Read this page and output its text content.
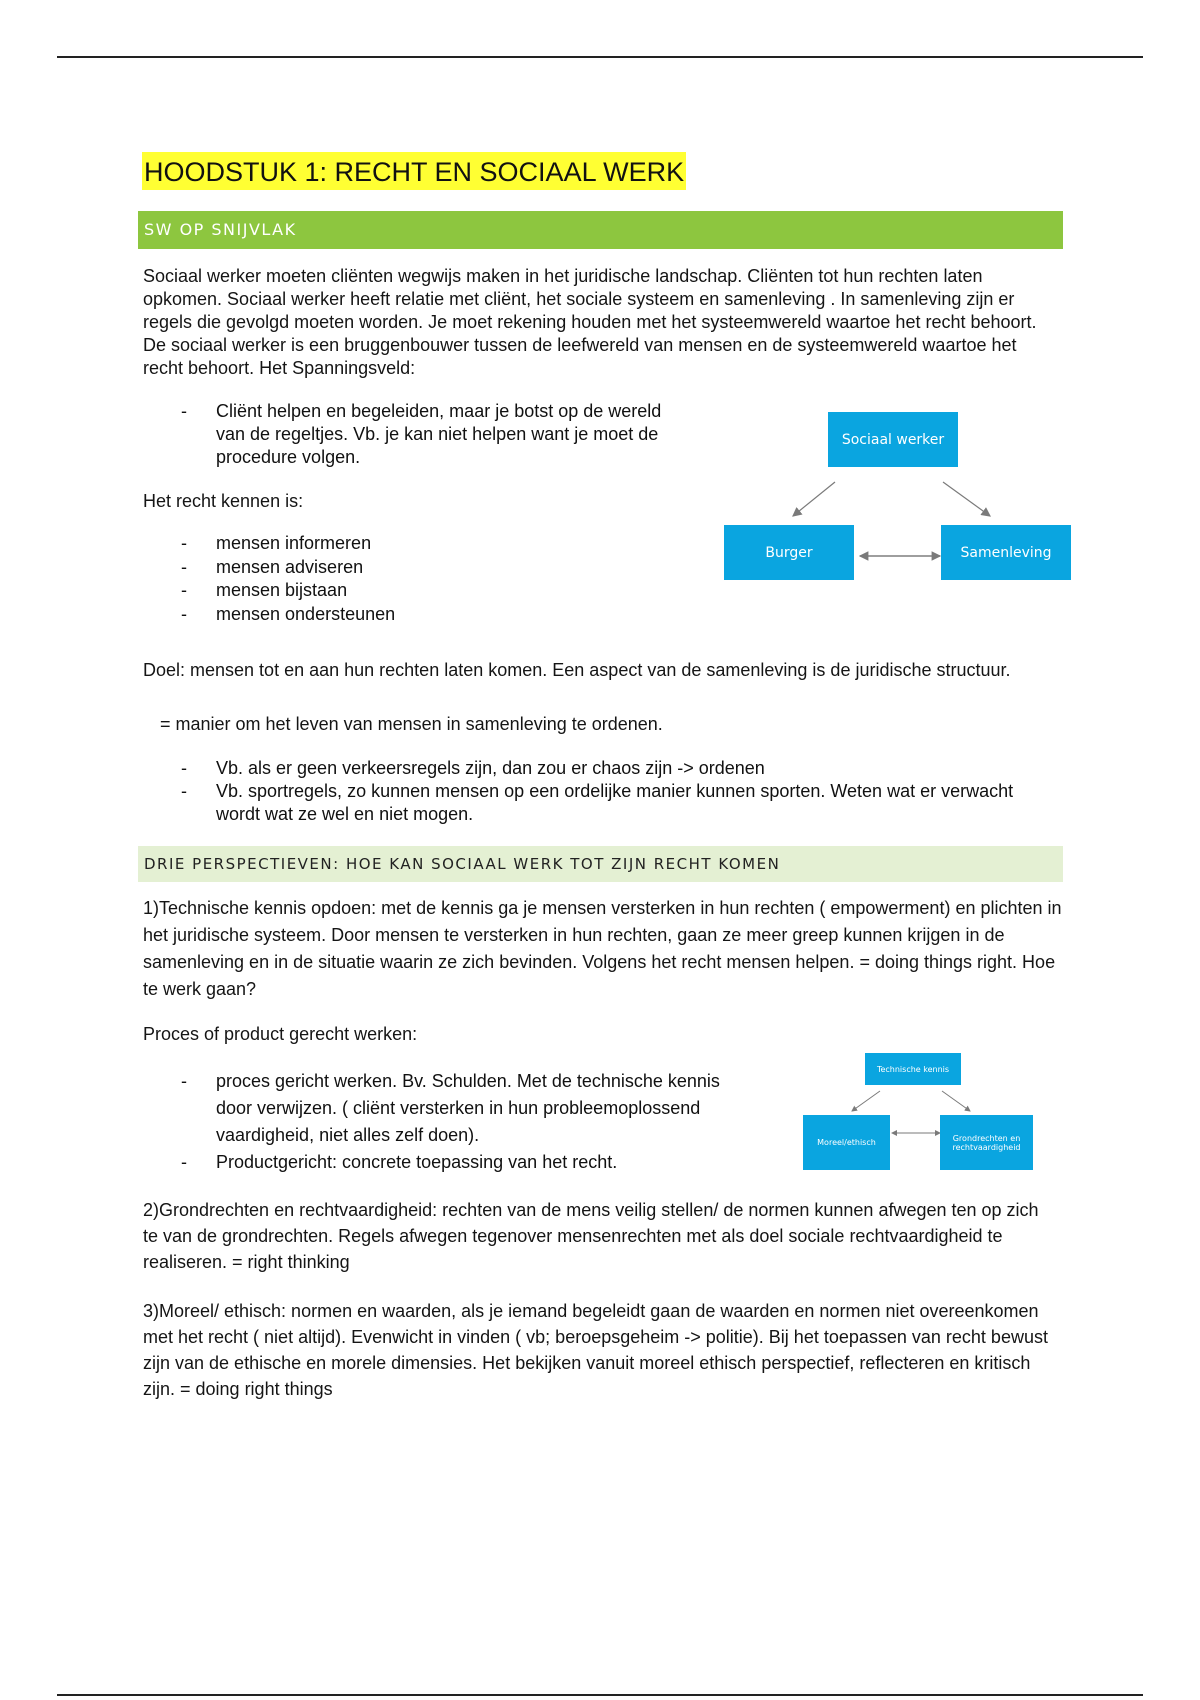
HOODSTUK 1: RECHT EN SOCIAAL WERK
SW OP SNIJVLAK
Sociaal werker moeten cliënten wegwijs maken in het juridische landschap. Cliënten tot hun rechten laten opkomen. Sociaal werker heeft relatie met cliënt, het sociale systeem en samenleving . In samenleving zijn er regels die gevolgd moeten worden. Je moet rekening houden met het systeemwereld waartoe het recht behoort. De sociaal werker is een bruggenbouwer tussen de leefwereld van mensen en de systeemwereld waartoe het recht behoort. Het Spanningsveld:
- Cliënt helpen en begeleiden, maar je botst op de wereld van de regeltjes. Vb. je kan niet helpen want je moet de procedure volgen.
Het recht kennen is:
- mensen informeren
- mensen adviseren
- mensen bijstaan
- mensen ondersteunen
Sociaal werker
Burger	Samenleving
Doel: mensen tot en aan hun rechten laten komen. Een aspect van de samenleving is de juridische structuur.
= manier om het leven van mensen in samenleving te ordenen.
- Vb. als er geen verkeersregels zijn, dan zou er chaos zijn -> ordenen
- Vb. sportregels, zo kunnen mensen op een ordelijke manier kunnen sporten. Weten wat er verwacht wordt wat ze wel en niet mogen.
DRIE PERSPECTIEVEN: HOE KAN SOCIAAL WERK TOT ZIJN RECHT KOMEN
1)Technische kennis opdoen: met de kennis ga je mensen versterken in hun rechten ( empowerment) en plichten in het juridische systeem. Door mensen te versterken in hun rechten, gaan ze meer greep kunnen krijgen in de samenleving en in de situatie waarin ze zich bevinden. Volgens het recht mensen helpen. = doing things right. Hoe te werk gaan?
Proces of product gerecht werken:
- proces gericht werken. Bv. Schulden. Met de technische kennis door verwijzen. ( cliënt versterken in hun probleemoplossend vaardigheid, niet alles zelf doen).
- Productgericht: concrete toepassing van het recht.
Technische kennis
Moreel/ethisch	Grondrechten en rechtvaardigheid
2)Grondrechten en rechtvaardigheid: rechten van de mens veilig stellen/ de normen kunnen afwegen ten op zich te van de grondrechten. Regels afwegen tegenover mensenrechten met als doel sociale rechtvaardigheid te realiseren. = right thinking
3)Moreel/ ethisch: normen en waarden, als je iemand begeleidt gaan de waarden en normen niet overeenkomen met het recht ( niet altijd). Evenwicht in vinden ( vb; beroepsgeheim -> politie). Bij het toepassen van recht bewust zijn van de ethische en morele dimensies. Het bekijken vanuit moreel ethisch perspectief, reflecteren en kritisch zijn. = doing right things
